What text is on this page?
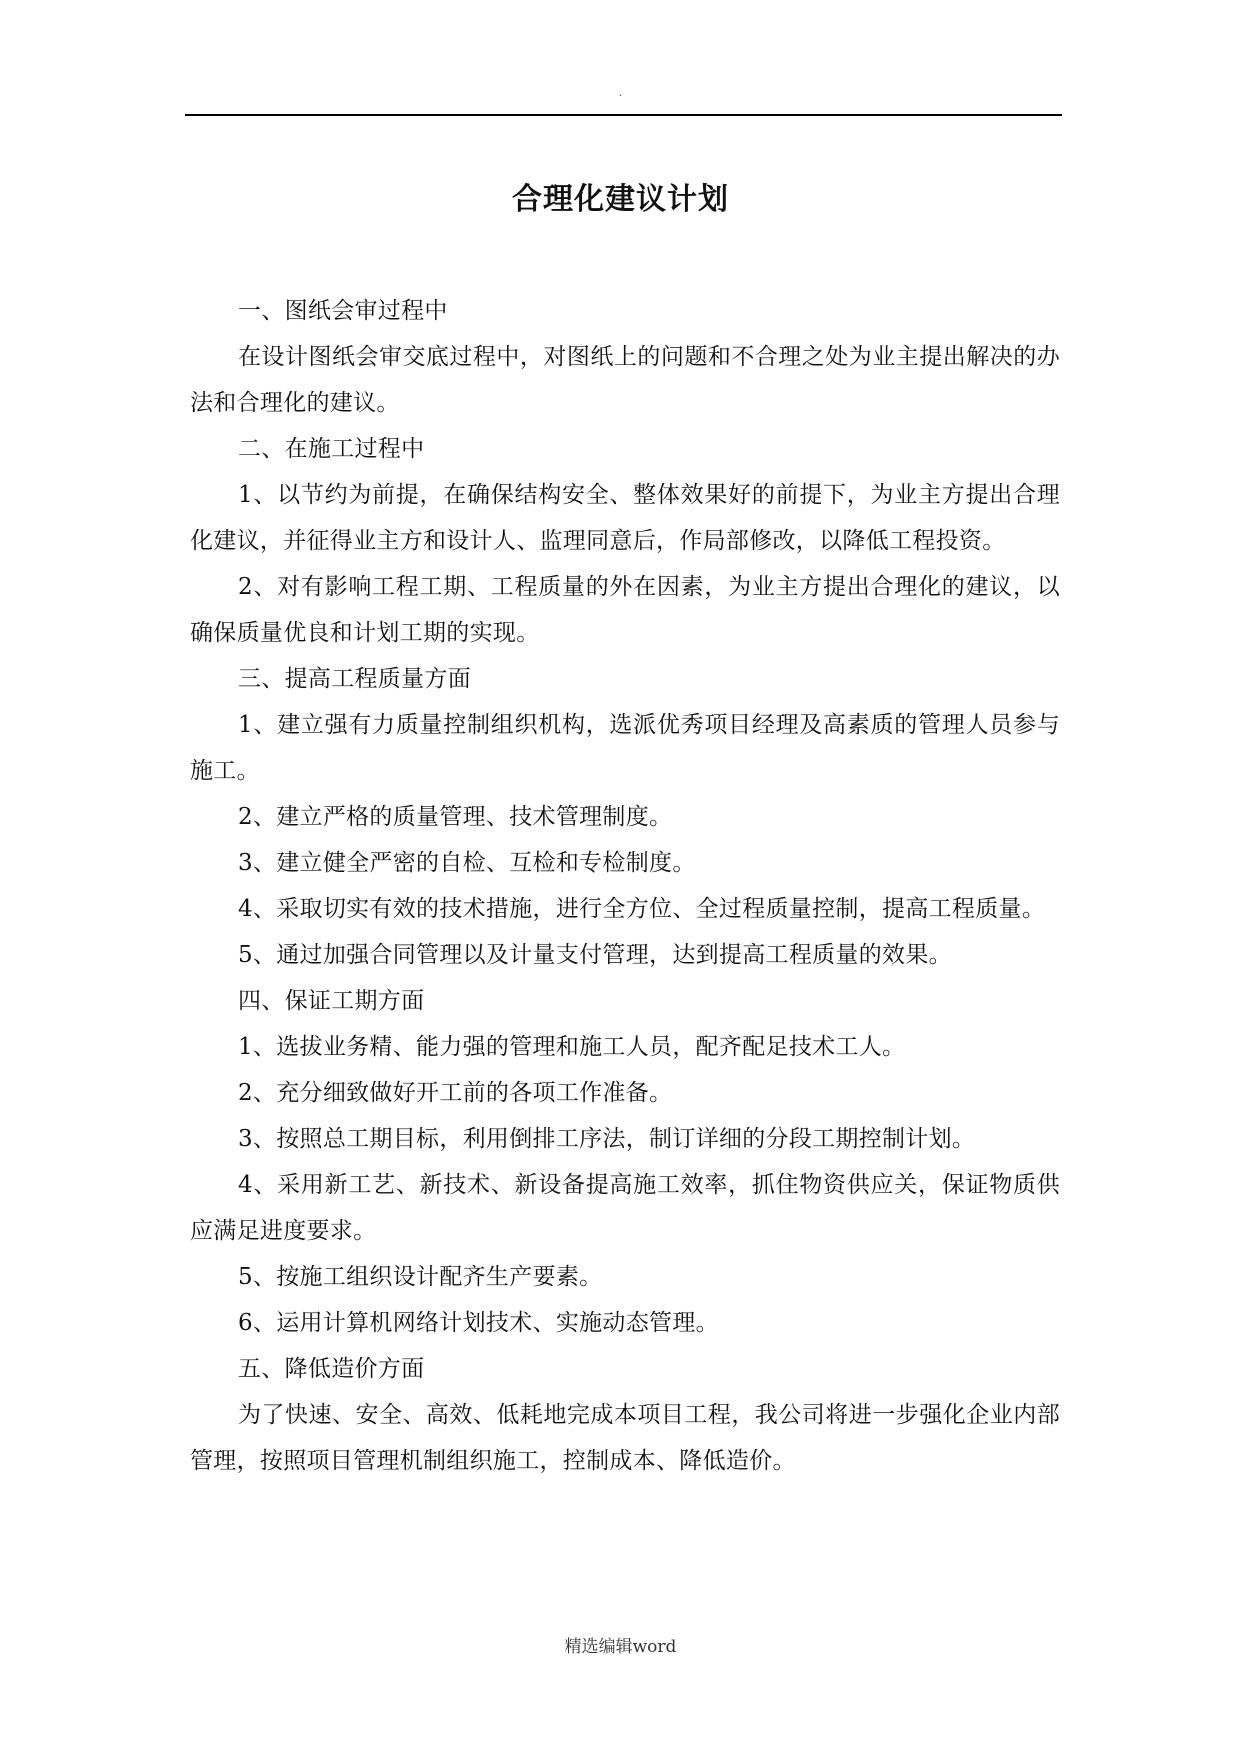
.
合理化建议计划

一、图纸会审过程中

在设计图纸会审交底过程中，对图纸上的问题和不合理之处为业主提出解决的办法和合理化的建议。

二、在施工过程中

1、以节约为前提，在确保结构安全、整体效果好的前提下，为业主方提出合理化建议，并征得业主方和设计人、监理同意后，作局部修改，以降低工程投资。

2、对有影响工程工期、工程质量的外在因素，为业主方提出合理化的建议，以确保质量优良和计划工期的实现。

三、提高工程质量方面

1、建立强有力质量控制组织机构，选派优秀项目经理及高素质的管理人员参与施工。

2、建立严格的质量管理、技术管理制度。

3、建立健全严密的自检、互检和专检制度。

4、采取切实有效的技术措施，进行全方位、全过程质量控制，提高工程质量。

5、通过加强合同管理以及计量支付管理，达到提高工程质量的效果。

四、保证工期方面

1、选拔业务精、能力强的管理和施工人员，配齐配足技术工人。

2、充分细致做好开工前的各项工作准备。

3、按照总工期目标，利用倒排工序法，制订详细的分段工期控制计划。

4、采用新工艺、新技术、新设备提高施工效率，抓住物资供应关，保证物质供应满足进度要求。

5、按施工组织设计配齐生产要素。

6、运用计算机网络计划技术、实施动态管理。

五、降低造价方面

为了快速、安全、高效、低耗地完成本项目工程，我公司将进一步强化企业内部管理，按照项目管理机制组织施工，控制成本、降低造价。

精选编辑word
